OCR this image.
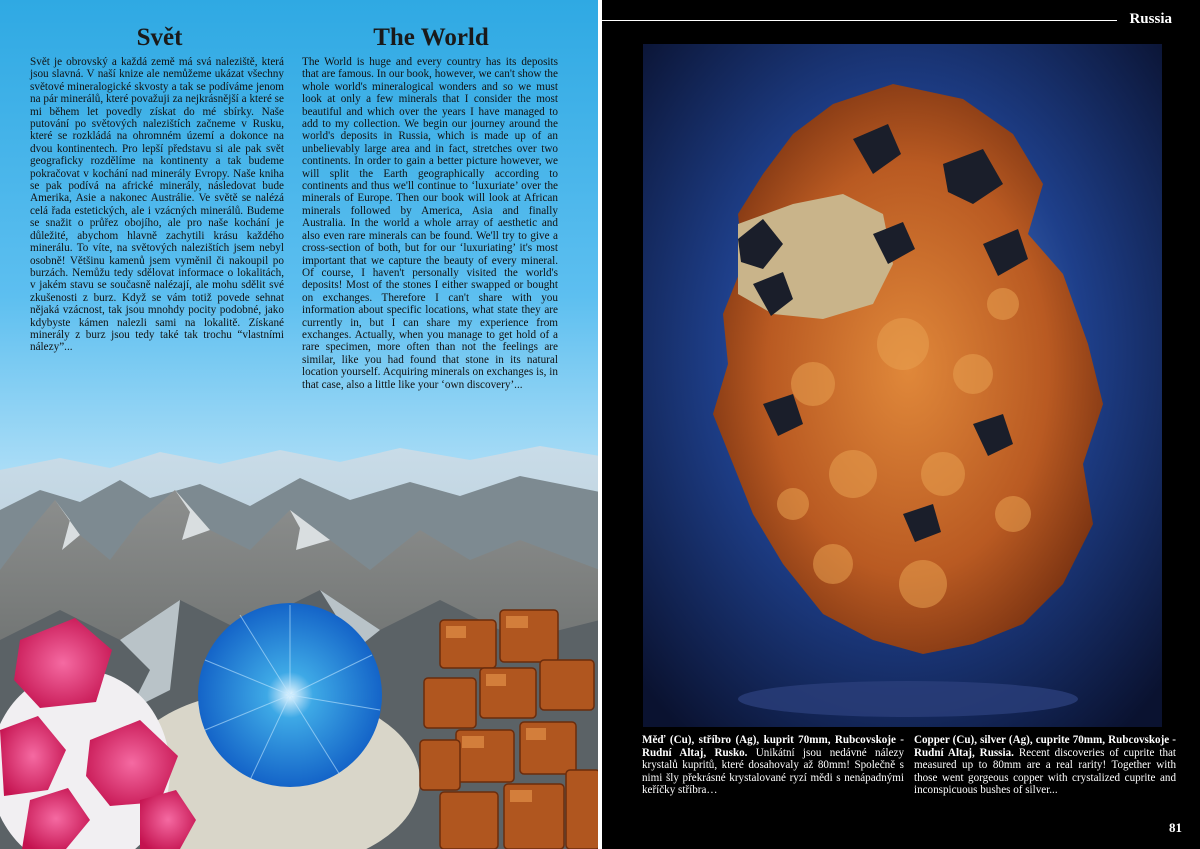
Svět	The World
Svět je obrovský a každá země má svá naleziště, která jsou slavná. V naší knize ale nemůžeme ukázat všechny světové mineralogické skvosty a tak se podíváme jenom na pár minerálů, které považuji za nejkrásnější a které se mi během let povedly získat do mé sbírky. Naše putování po světových nalezištích začneme v Rusku, které se rozkládá na ohromném území a dokonce na dvou kontinentech. Pro lepší představu si ale pak svět geograficky rozdělíme na kontinenty a tak budeme pokračovat v kochání nad minerály Evropy. Naše kniha se pak podívá na africké minerály, následovat bude Amerika, Asie a nakonec Austrálie. Ve světě se nalézá celá řada estetických, ale i vzácných minerálů. Budeme se snažit o průřez obojího, ale pro naše kochání je důležité, abychom hlavně zachytili krásu každého minerálu. To víte, na světových nalezištích jsem nebyl osobně! Většinu kamenů jsem vyměnil či nakoupil po burzách. Nemůžu tedy sdělovat informace o lokalitách, v jakém stavu se současně nalézají, ale mohu sdělit své zkušenosti z burz. Když se vám totiž povede sehnat nějaká vzácnost, tak jsou mnohdy pocity podobné, jako kdybyste kámen nalezli sami na lokalitě. Získané minerály z burz jsou tedy také tak trochu “vlastními nálezy”...
The World is huge and every country has its deposits that are famous. In our book, however, we can't show the whole world's mineralogical wonders and so we must look at only a few minerals that I consider the most beautiful and which over the years I have managed to add to my collection. We begin our journey around the world's deposits in Russia, which is made up of an unbelievably large area and in fact, stretches over two continents. In order to gain a better picture however, we will split the Earth geographically according to continents and thus we'll continue to ‘luxuriate’ over the minerals of Europe. Then our book will look at African minerals followed by America, Asia and finally Australia. In the world a whole array of aesthetic and also even rare minerals can be found. We'll try to give a cross-section of both, but for our ‘luxuriating’ it's most important that we capture the beauty of every mineral. Of course, I haven't personally visited the world's deposits! Most of the stones I either swapped or bought on exchanges. Therefore I can't share with you information about specific locations, what state they are currently in, but I can share my experience from exchanges. Actually, when you manage to get hold of a rare specimen, more often than not the feelings are similar, like you had found that stone in its natural location yourself. Acquiring minerals on exchanges is, in that case, also a little like your ‘own discovery’...
Russia
Měď (Cu), stříbro (Ag), kuprit 70mm, Rubcovskoje - Rudní Altaj, Rusko. Unikátní jsou nedávné nálezy krystalů kupritů, které dosahovaly až 80mm! Společně s nimi šly překrásné krystalované ryzí mědi s nenápadnými keříčky stříbra…
Copper (Cu), silver (Ag), cuprite 70mm, Rubcovskoje - Rudní Altaj, Russia. Recent discoveries of cuprite that measured up to 80mm are a real rarity! Together with those went gorgeous copper with crystalized cuprite and inconspicuous bushes of silver...
81
